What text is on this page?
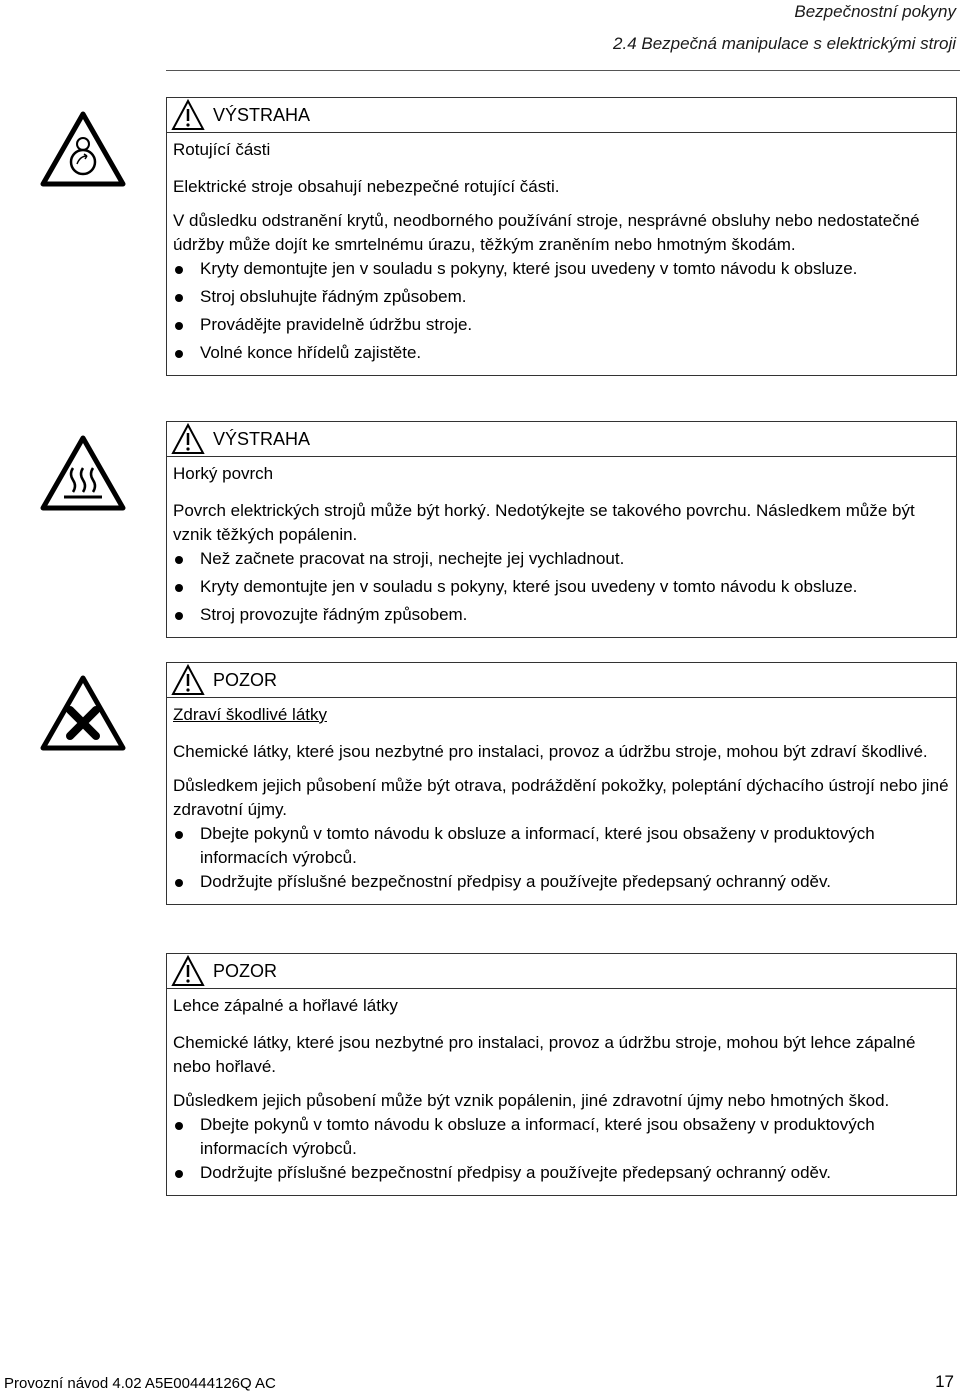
Bezpečnostní pokyny
2.4 Bezpečná manipulace s elektrickými stroji
VÝSTRAHA
Rotující části

Elektrické stroje obsahují nebezpečné rotující části.

V důsledku odstranění krytů, neodborného používání stroje, nesprávné obsluhy nebo nedostatečné údržby může dojít ke smrtelnému úrazu, těžkým zraněním nebo hmotným škodám.

Kryty demontujte jen v souladu s pokyny, které jsou uvedeny v tomto návodu k obsluze.
Stroj obsluhujte řádným způsobem.
Provádějte pravidelně údržbu stroje.
Volné konce hřídelů zajistěte.
VÝSTRAHA
Horký povrch

Povrch elektrických strojů může být horký. Nedotýkejte se takového povrchu. Následkem může být vznik těžkých popálenin.

Než začnete pracovat na stroji, nechejte jej vychladnout.
Kryty demontujte jen v souladu s pokyny, které jsou uvedeny v tomto návodu k obsluze.
Stroj provozujte řádným způsobem.
POZOR
Zdraví škodlivé látky

Chemické látky, které jsou nezbytné pro instalaci, provoz a údržbu stroje, mohou být zdraví škodlivé.

Důsledkem jejich působení může být otrava, podráždění pokožky, poleptání dýchacího ústrojí nebo jiné zdravotní újmy.

Dbejte pokynů v tomto návodu k obsluze a informací, které jsou obsaženy v produktových informacích výrobců.
Dodržujte příslušné bezpečnostní předpisy a používejte předepsaný ochranný oděv.
POZOR
Lehce zápalné a hořlavé látky

Chemické látky, které jsou nezbytné pro instalaci, provoz a údržbu stroje, mohou být lehce zápalné nebo hořlavé.

Důsledkem jejich působení může být vznik popálenin, jiné zdravotní újmy nebo hmotných škod.

Dbejte pokynů v tomto návodu k obsluze a informací, které jsou obsaženy v produktových informacích výrobců.
Dodržujte příslušné bezpečnostní předpisy a používejte předepsaný ochranný oděv.
Provozní návod 4.02 A5E00444126Q AC	17
